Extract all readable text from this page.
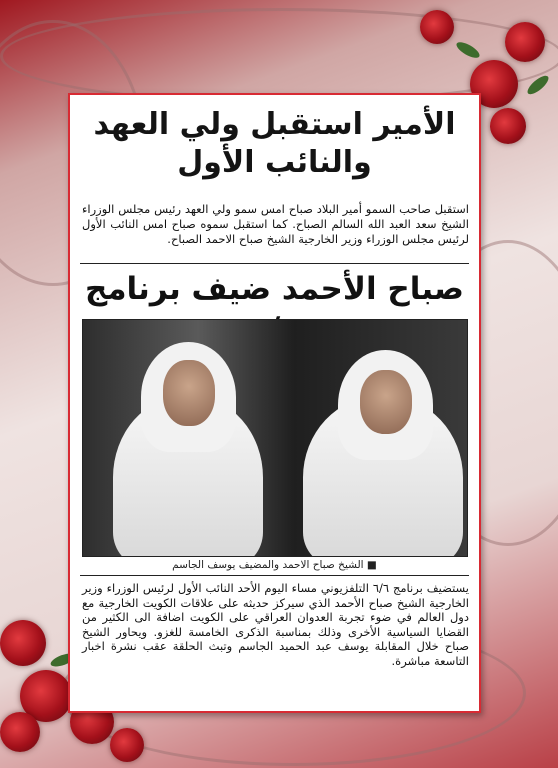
الأمير استقبل ولي العهد
والنائب الأول
استقبل صاحب السمو أمير البلاد صباح امس سمو ولي العهد رئيس مجلس الوزراء الشيخ سعد العبد الله السالم الصباح. كما استقبل سموه صباح امس النائب الأول لرئيس مجلس الوزراء وزير الخارجية الشيخ صباح الاحمد الصباح.
صباح الأحمد ضيف برنامج
■ الشيخ صباح الاحمد والمضيف يوسف الجاسم
يستضيف برنامج ٦/٦ التلفزيوني مساء اليوم الأحد النائب الأول لرئيس الوزراء وزير الخارجية الشيخ صباح الأحمد الذي سيركز حديثه على علاقات الكويت الخارجية مع دول العالم في ضوء تجربة العدوان العراقي على الكويت اضافة الى الكثير من القضايا السياسية الأخرى وذلك بمناسبة الذكرى الخامسة للغزو. ويحاور الشيخ صباح خلال المقابلة يوسف عبد الحميد الجاسم وتبث الحلقة عقب نشرة اخبار التاسعة مباشرة.
